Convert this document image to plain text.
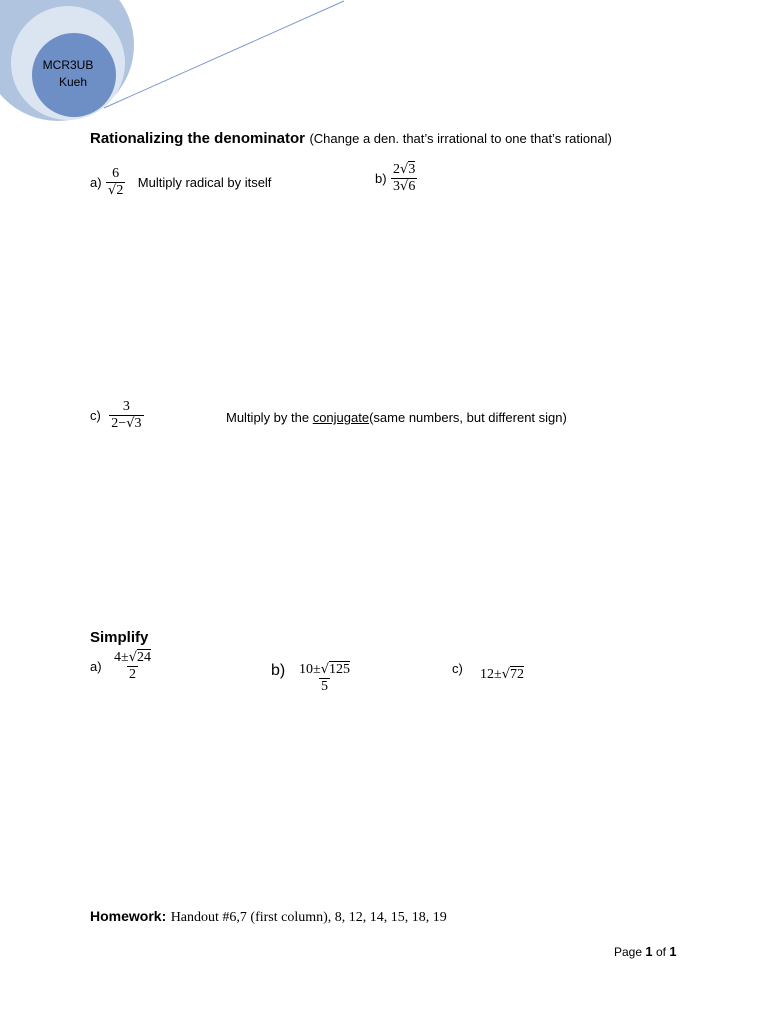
MCR3UB
Kueh
Rationalizing the denominator (Change a den. that’s irrational to one that’s rational)
$a) \frac{6}{√2}$ Multiply radical by itself	$b) \frac{2√3}{3√6}$
$c) \frac{3}{2-√3}$	Multiply by the conjugate(same numbers, but different sign)
Simplify
$a) \frac{4\pm√24}{2}$	$b) \frac{10\pm√125}{5}$	c) 12±√72
Homework: Handout #6,7 (first column), 8, 12, 14, 15, 18, 19
Page 1 of 1
